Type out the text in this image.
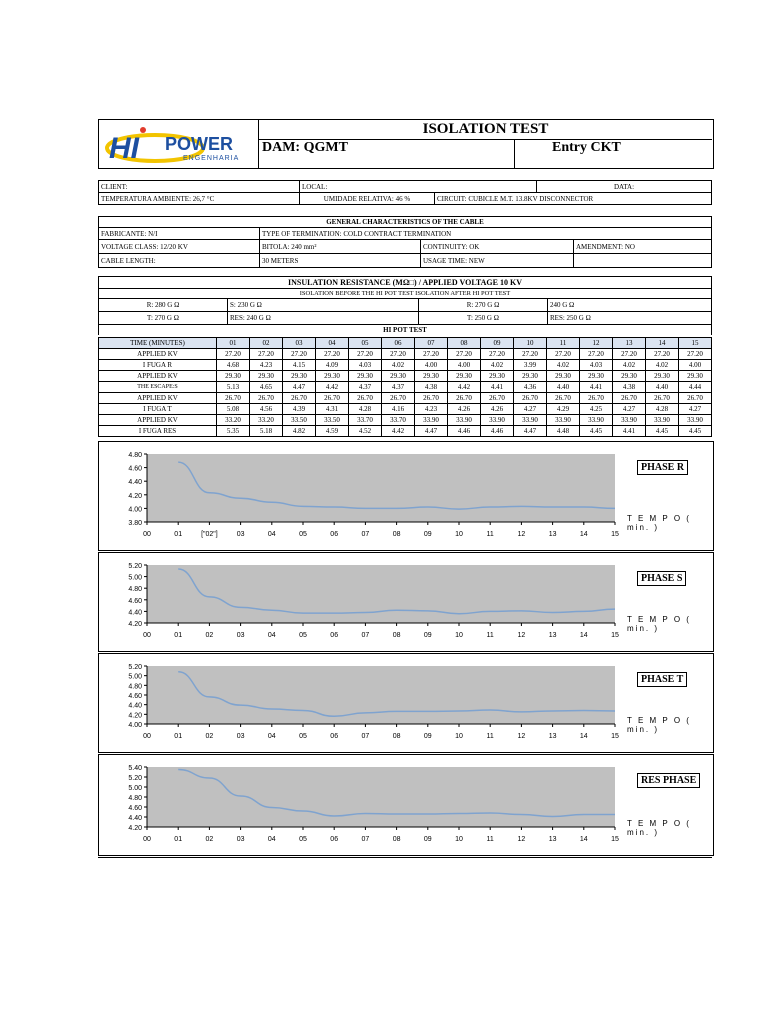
HI POWER
ENGENHARIA
ISOLATION TEST
DAM: QGMT	Entry CKT
CLIENT:	LOCAL:		DATA:
TEMPERATURA AMBIENTE: 26,7 °C	UMIDADE RELATIVA: 46 %	CIRCUIT: CUBICLE M.T. 13.8KV DISCONNECTOR	
GENERAL CHARACTERISTICS OF THE CABLE			
FABRICANTE: N/I	TYPE OF TERMINATION: COLD CONTRACT TERMINATION		
VOLTAGE CLASS: 12/20 KV	BITOLA: 240 mm²	CONTINUITY: OK	AMENDMENT: NO
CABLE LENGTH:	30 METERS	USAGE TIME: NEW	
INSULATION RESISTANCE (MΩ□) / APPLIED VOLTAGE 10 KV			
ISOLATION BEFORE THE HI POT TEST ISOLATION AFTER HI POT TEST			
R: 280 G Ω	S: 230 G Ω	R: 270 G Ω	240 G Ω
T: 270 G Ω	RES: 240 G Ω	T: 250 G Ω	RES: 250 G Ω
HI POT TEST			
TIME (MINUTES)	01	02	03	04	05	06	07	08	09	10	11	12	13	14	15
APPLIED KV	27.20	27.20	27.20	27.20	27.20	27.20	27.20	27.20	27.20	27.20	27.20	27.20	27.20	27.20	27.20
I FUGA R	4.68	4.23	4.15	4.09	4.03	4.02	4.00	4.00	4.02	3.99	4.02	4.03	4.02	4.02	4.00
APPLIED KV	29.30	29.30	29.30	29.30	29.30	29.30	29.30	29.30	29.30	29.30	29.30	29.30	29.30	29.30	29.30
THE ESCAPE:S	5.13	4.65	4.47	4.42	4.37	4.37	4.38	4.42	4.41	4.36	4.40	4.41	4.38	4.40	4.44
APPLIED KV	26.70	26.70	26.70	26.70	26.70	26.70	26.70	26.70	26.70	26.70	26.70	26.70	26.70	26.70	26.70
I FUGA T	5.08	4.56	4.39	4.31	4.28	4.16	4.23	4.26	4.26	4.27	4.29	4.25	4.27	4.28	4.27
APPLIED KV	33.20	33.20	33.50	33.50	33.70	33.70	33.90	33.90	33.90	33.90	33.90	33.90	33.90	33.90	33.90
I FUGA RES	5.35	5.18	4.82	4.59	4.52	4.42	4.47	4.46	4.46	4.47	4.48	4.45	4.41	4.45	4.45
4.80
4.60
4.40
4.20
4.00
3.80
00	01	["02"]	03	04	05	06	07	08	09	10	11	12	13	14	15
PHASE R
T E M P O ( min. )
5.20
5.00
4.80
4.60
4.40
4.20
00	01	02	03	04	05	06	07	08	09	10	11	12	13	14	15
PHASE S
T E M P O ( min. )
5.20
5.00
4.80
4.60
4.40
4.20
4.00
00	01	02	03	04	05	06	07	08	09	10	11	12	13	14	15
PHASE T
T E M P O ( min. )
5.40
5.20
5.00
4.80
4.60
4.40
4.20
00	01	02	03	04	05	06	07	08	09	10	11	12	13	14	15
RES PHASE
T E M P O ( min. )
